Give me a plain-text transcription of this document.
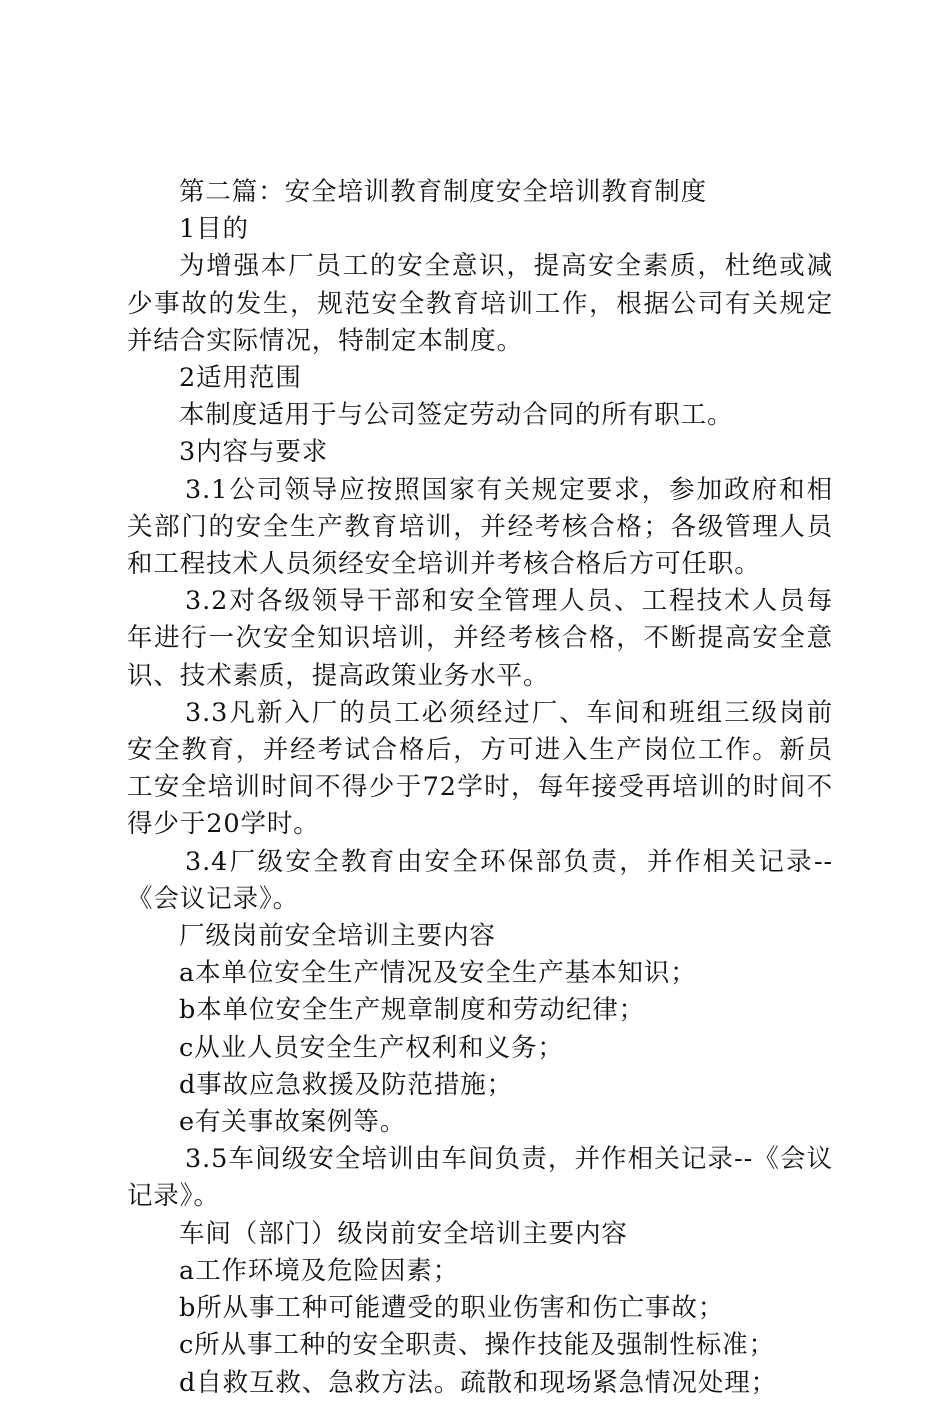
第二篇：安全培训教育制度安全培训教育制度

1目的

为增强本厂员工的安全意识，提高安全素质，杜绝或减少事故的发生，规范安全教育培训工作，根据公司有关规定并结合实际情况，特制定本制度。

2适用范围

本制度适用于与公司签定劳动合同的所有职工。

3内容与要求

3.1公司领导应按照国家有关规定要求，参加政府和相关部门的安全生产教育培训，并经考核合格；各级管理人员和工程技术人员须经安全培训并考核合格后方可任职。

3.2对各级领导干部和安全管理人员、工程技术人员每年进行一次安全知识培训，并经考核合格，不断提高安全意识、技术素质，提高政策业务水平。

3.3凡新入厂的员工必须经过厂、车间和班组三级岗前安全教育，并经考试合格后，方可进入生产岗位工作。新员工安全培训时间不得少于72学时，每年接受再培训的时间不得少于20学时。

3.4厂级安全教育由安全环保部负责，并作相关记录--《会议记录》。

厂级岗前安全培训主要内容

a本单位安全生产情况及安全生产基本知识；

b本单位安全生产规章制度和劳动纪律；

c从业人员安全生产权利和义务；

d事故应急救援及防范措施；

e有关事故案例等。

3.5车间级安全培训由车间负责，并作相关记录--《会议记录》。

车间（部门）级岗前安全培训主要内容

a工作环境及危险因素；

b所从事工种可能遭受的职业伤害和伤亡事故；

c所从事工种的安全职责、操作技能及强制性标准；

d自救互救、急救方法。疏散和现场紧急情况处理；
